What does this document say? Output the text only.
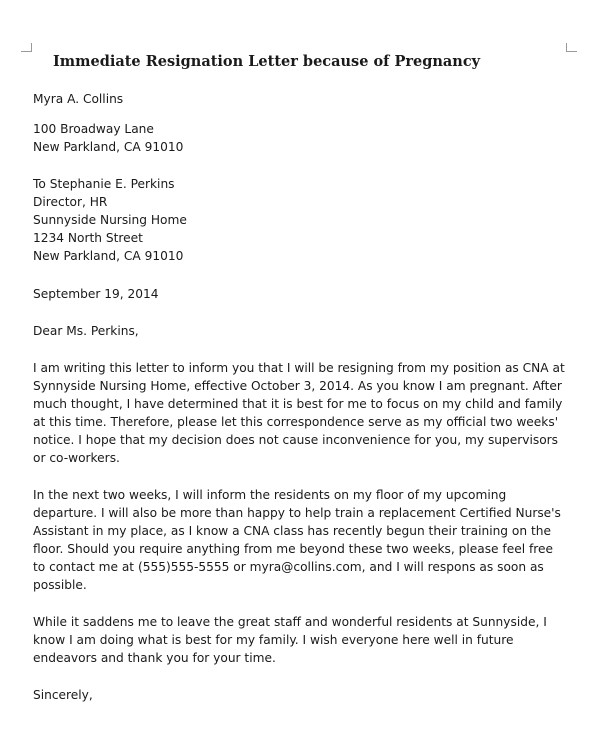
Immediate Resignation Letter because of Pregnancy
Myra A. Collins
100 Broadway Lane
New Parkland, CA 91010
To Stephanie E. Perkins
Director, HR
Sunnyside Nursing Home
1234 North Street
New Parkland, CA 91010
September 19, 2014
Dear Ms. Perkins,

I am writing this letter to inform you that I will be resigning from my position as CNA at Synnyside Nursing Home, effective October 3, 2014. As you know I am pregnant. After much thought, I have determined that it is best for me to focus on my child and family at this time. Therefore, please let this correspondence serve as my official two weeks' notice. I hope that my decision does not cause inconvenience for you, my supervisors or co-workers.

In the next two weeks, I will inform the residents on my floor of my upcoming departure. I will also be more than happy to help train a replacement Certified Nurse's Assistant in my place, as I know a CNA class has recently begun their training on the floor. Should you require anything from me beyond these two weeks, please feel free to contact me at (555)555-5555 or myra@collins.com, and I will respons as soon as possible.

While it saddens me to leave the great staff and wonderful residents at Sunnyside, I know I am doing what is best for my family. I wish everyone here well in future endeavors and thank you for your time.

Sincerely,
